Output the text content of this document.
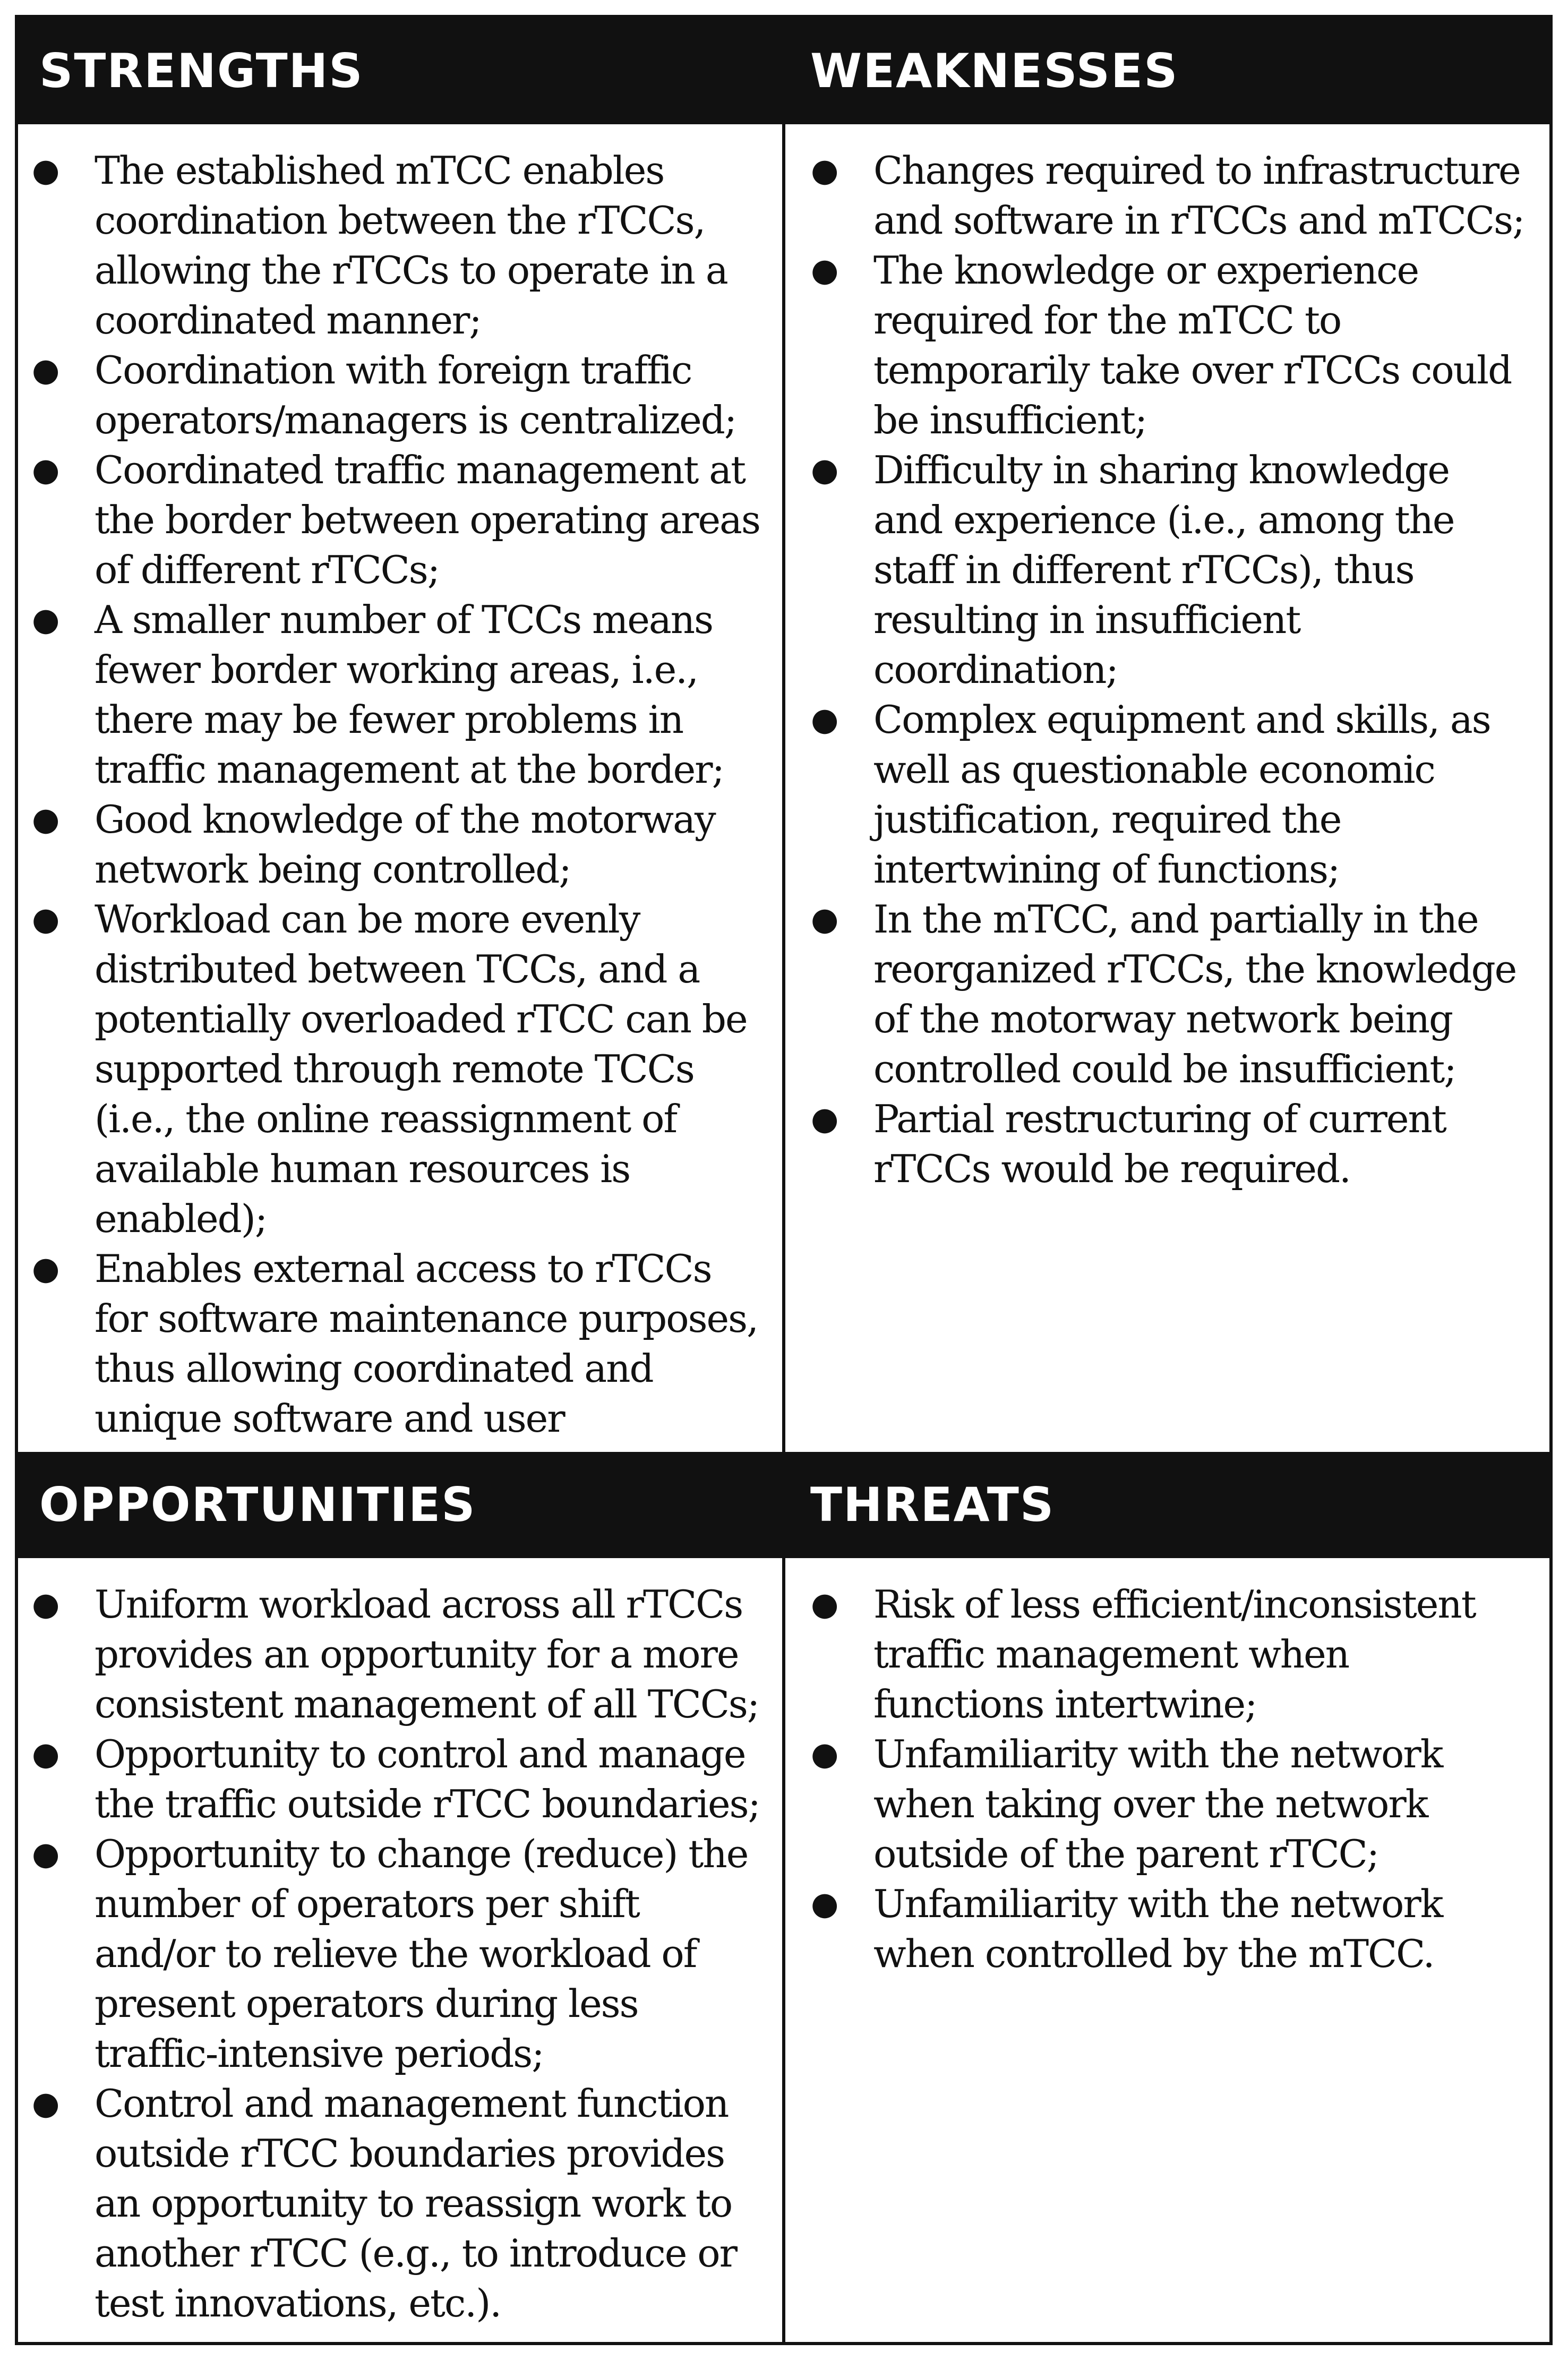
STRENGTHS	WEAKNESSES
● The established mTCC enables coordination between the rTCCs, allowing the rTCCs to operate in a coordinated manner;
● Coordination with foreign traffic operators/managers is centralized;
● Coordinated traffic management at the border between operating areas of different rTCCs;
● A smaller number of TCCs means fewer border working areas, i.e., there may be fewer problems in traffic management at the border;
● Good knowledge of the motorway network being controlled;
● Workload can be more evenly distributed between TCCs, and a potentially overloaded rTCC can be supported through remote TCCs (i.e., the online reassignment of available human resources is enabled);
● Enables external access to rTCCs for software maintenance purposes, thus allowing coordinated and unique software and user
● Changes required to infrastructure and software in rTCCs and mTCCs;
● The knowledge or experience required for the mTCC to temporarily take over rTCCs could be insufficient;
● Difficulty in sharing knowledge and experience (i.e., among the staff in different rTCCs), thus resulting in insufficient coordination;
● Complex equipment and skills, as well as questionable economic justification, required the intertwining of functions;
● In the mTCC, and partially in the reorganized rTCCs, the knowledge of the motorway network being controlled could be insufficient;
● Partial restructuring of current rTCCs would be required.
OPPORTUNITIES	THREATS
● Uniform workload across all rTCCs provides an opportunity for a more consistent management of all TCCs;
● Opportunity to control and manage the traffic outside rTCC boundaries;
● Opportunity to change (reduce) the number of operators per shift and/or to relieve the workload of present operators during less traffic-intensive periods;
● Control and management function outside rTCC boundaries provides an opportunity to reassign work to another rTCC (e.g., to introduce or test innovations, etc.).
● Risk of less efficient/inconsistent traffic management when functions intertwine;
● Unfamiliarity with the network when taking over the network outside of the parent rTCC;
● Unfamiliarity with the network when controlled by the mTCC.
